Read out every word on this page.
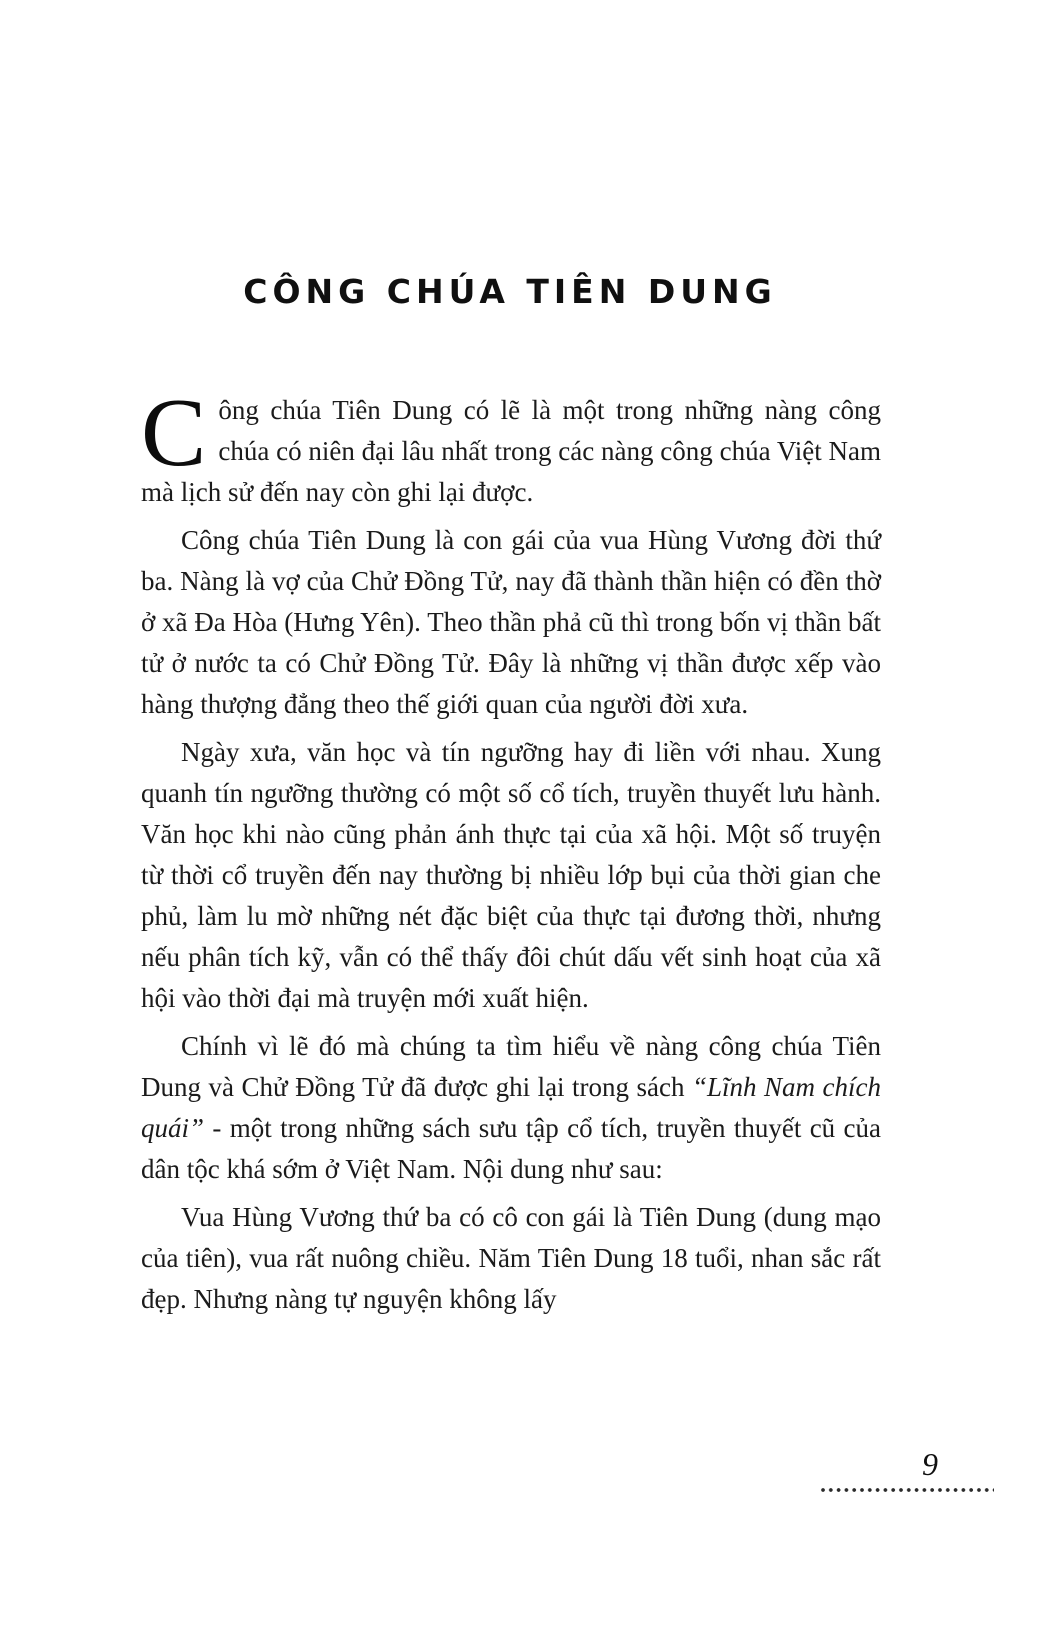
CÔNG CHÚA TIÊN DUNG

Công chúa Tiên Dung có lẽ là một trong những nàng công chúa có niên đại lâu nhất trong các nàng công chúa Việt Nam mà lịch sử đến nay còn ghi lại được.

Công chúa Tiên Dung là con gái của vua Hùng Vương đời thứ ba. Nàng là vợ của Chử Đồng Tử, nay đã thành thần hiện có đền thờ ở xã Đa Hòa (Hưng Yên). Theo thần phả cũ thì trong bốn vị thần bất tử ở nước ta có Chử Đồng Tử. Đây là những vị thần được xếp vào hàng thượng đẳng theo thế giới quan của người đời xưa.

Ngày xưa, văn học và tín ngưỡng hay đi liền với nhau. Xung quanh tín ngưỡng thường có một số cổ tích, truyền thuyết lưu hành. Văn học khi nào cũng phản ánh thực tại của xã hội. Một số truyện từ thời cổ truyền đến nay thường bị nhiều lớp bụi của thời gian che phủ, làm lu mờ những nét đặc biệt của thực tại đương thời, nhưng nếu phân tích kỹ, vẫn có thể thấy đôi chút dấu vết sinh hoạt của xã hội vào thời đại mà truyện mới xuất hiện.

Chính vì lẽ đó mà chúng ta tìm hiểu về nàng công chúa Tiên Dung và Chử Đồng Tử đã được ghi lại trong sách “Lĩnh Nam chích quái” - một trong những sách sưu tập cổ tích, truyền thuyết cũ của dân tộc khá sớm ở Việt Nam. Nội dung như sau:

Vua Hùng Vương thứ ba có cô con gái là Tiên Dung (dung mạo của tiên), vua rất nuông chiều. Năm Tiên Dung 18 tuổi, nhan sắc rất đẹp. Nhưng nàng tự nguyện không lấy

9
